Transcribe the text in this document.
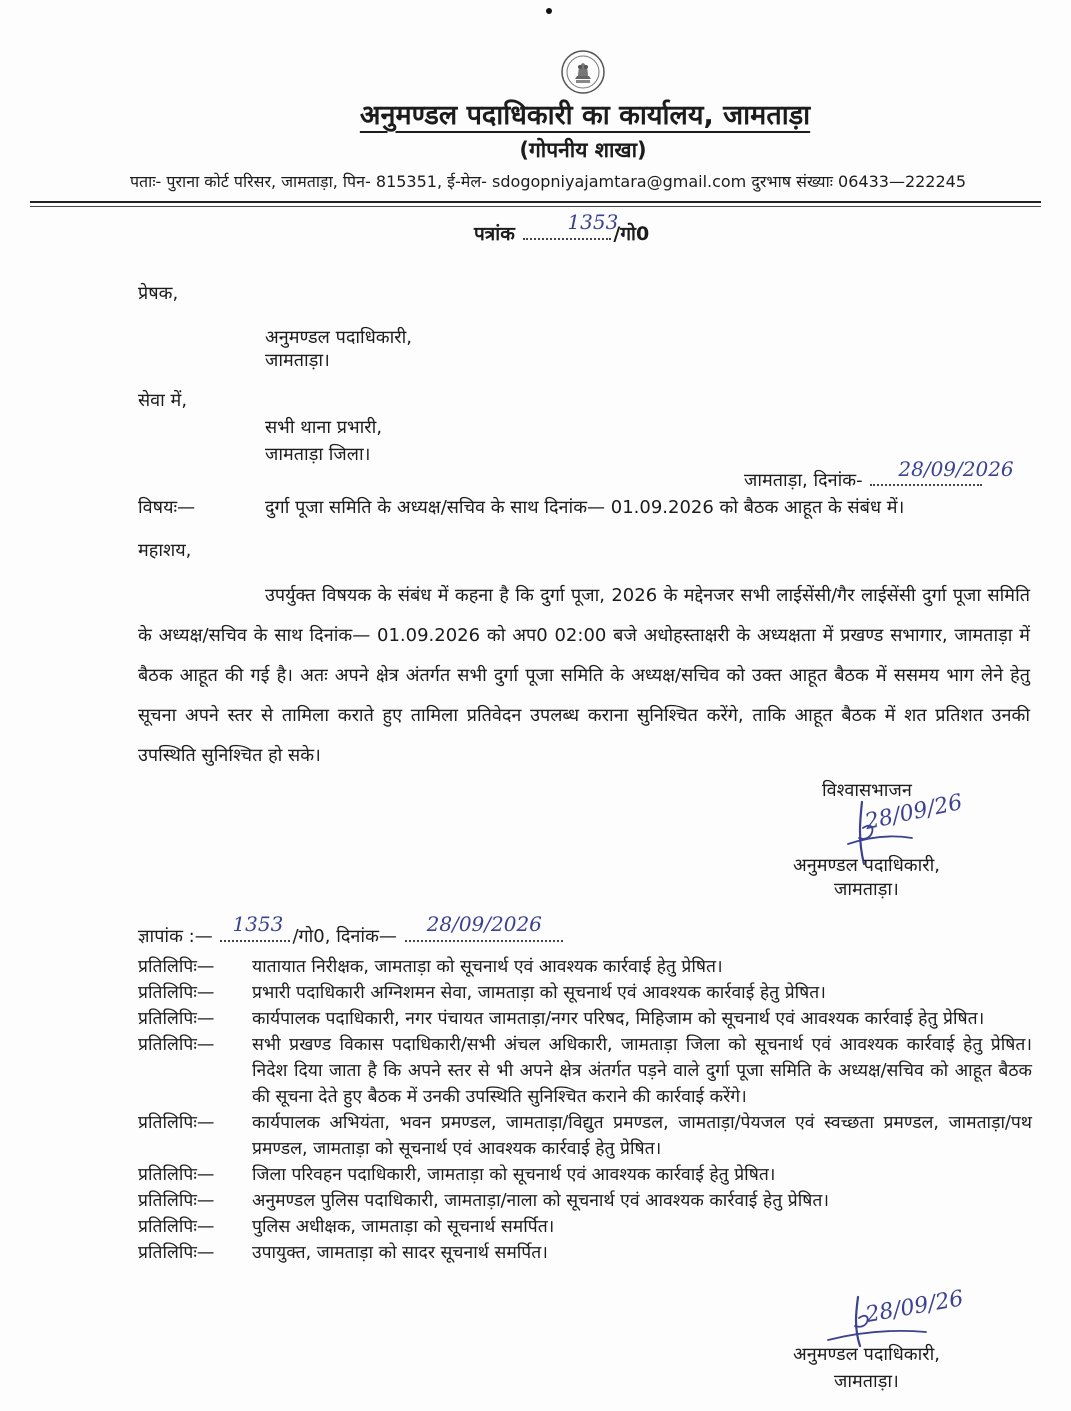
अनुमण्डल पदाधिकारी का कार्यालय, जामताड़ा
(गोपनीय शाखा)
पताः- पुराना कोर्ट परिसर, जामताड़ा, पिन- 815351, ई-मेल- sdogopniyajamtara@gmail.com दुरभाष संख्याः 06433—222245
पत्रांक	1353
/गो0
प्रेषक,
अनुमण्डल पदाधिकारी,
जामताड़ा।
सेवा में,
सभी थाना प्रभारी,
जामताड़ा जिला।
जामताड़ा, दिनांक- 28/09/2026
विषयः—	दुर्गा पूजा समिति के अध्यक्ष/सचिव के साथ दिनांक— 01.09.2026 को बैठक आहूत के संबंध में।
महाशय,
उपर्युक्त विषयक के संबंध में कहना है कि दुर्गा पूजा, 2026 के मद्देनजर सभी लाईसेंसी/गैर लाईसेंसी दुर्गा पूजा समिति के अध्यक्ष/सचिव के साथ दिनांक— 01.09.2026 को अप0 02:00 बजे अधोहस्ताक्षरी के अध्यक्षता में प्रखण्ड सभागार, जामताड़ा में बैठक आहूत की गई है। अतः अपने क्षेत्र अंतर्गत सभी दुर्गा पूजा समिति के अध्यक्ष/सचिव को उक्त आहूत बैठक में ससमय भाग लेने हेतु सूचना अपने स्तर से तामिला कराते हुए तामिला प्रतिवेदन उपलब्ध कराना सुनिश्चित करेंगे, ताकि आहूत बैठक में शत प्रतिशत उनकी उपस्थिति सुनिश्चित हो सके।
विश्वासभाजन
28/09/26
अनुमण्डल पदाधिकारी,
जामताड़ा।
ज्ञापांक :—
1353
/गो0, दिनांक—
28/09/2026
प्रतिलिपिः—	यातायात निरीक्षक, जामताड़ा को सूचनार्थ एवं आवश्यक कार्रवाई हेतु प्रेषित।
प्रतिलिपिः—	प्रभारी पदाधिकारी अग्निशमन सेवा, जामताड़ा को सूचनार्थ एवं आवश्यक कार्रवाई हेतु प्रेषित।
प्रतिलिपिः—	कार्यपालक पदाधिकारी, नगर पंचायत जामताड़ा/नगर परिषद, मिहिजाम को सूचनार्थ एवं आवश्यक कार्रवाई हेतु प्रेषित।
प्रतिलिपिः—	सभी प्रखण्ड विकास पदाधिकारी/सभी अंचल अधिकारी, जामताड़ा जिला को सूचनार्थ एवं आवश्यक कार्रवाई हेतु प्रेषित। निदेश दिया जाता है कि अपने स्तर से भी अपने क्षेत्र अंतर्गत पड़ने वाले दुर्गा पूजा समिति के अध्यक्ष/सचिव को आहूत बैठक की सूचना देते हुए बैठक में उनकी उपस्थिति सुनिश्चित कराने की कार्रवाई करेंगे।
प्रतिलिपिः—	कार्यपालक अभियंता, भवन प्रमण्डल, जामताड़ा/विद्युत प्रमण्डल, जामताड़ा/पेयजल एवं स्वच्छता प्रमण्डल, जामताड़ा/पथ प्रमण्डल, जामताड़ा को सूचनार्थ एवं आवश्यक कार्रवाई हेतु प्रेषित।
प्रतिलिपिः—	जिला परिवहन पदाधिकारी, जामताड़ा को सूचनार्थ एवं आवश्यक कार्रवाई हेतु प्रेषित।
प्रतिलिपिः—	अनुमण्डल पुलिस पदाधिकारी, जामताड़ा/नाला को सूचनार्थ एवं आवश्यक कार्रवाई हेतु प्रेषित।
प्रतिलिपिः—	पुलिस अधीक्षक, जामताड़ा को सूचनार्थ समर्पित।
प्रतिलिपिः—	उपायुक्त, जामताड़ा को सादर सूचनार्थ समर्पित।
28/09/26
अनुमण्डल पदाधिकारी,
जामताड़ा।
